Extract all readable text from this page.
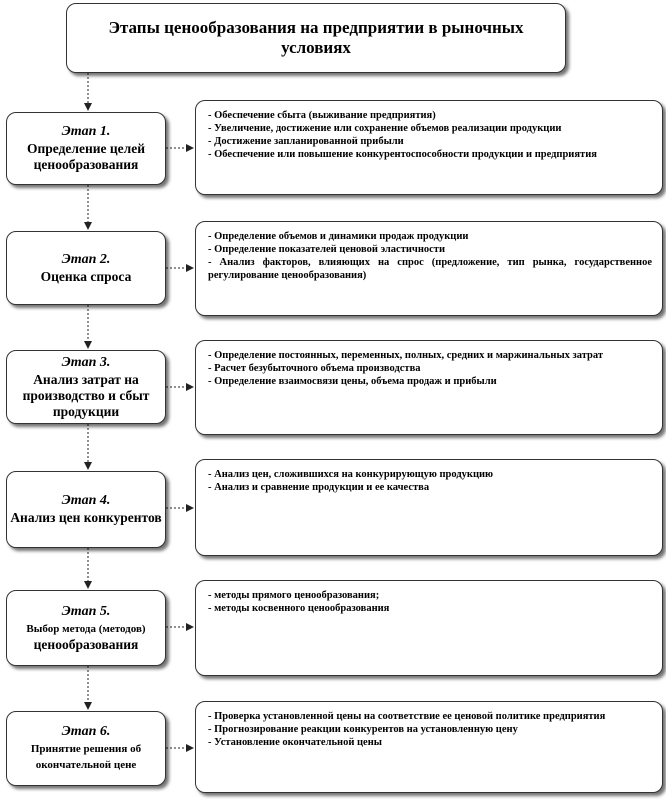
Этапы ценообразования на предприятии в рыночных условиях
Этап 1.
Определение целей ценообразования
- Обеспечение сбыта (выживание предприятия)
- Увеличение, достижение или сохранение объемов реализации продукции
- Достижение запланированной прибыли
- Обеспечение или повышение конкурентоспособности продукции и предприятия
Этап 2.
Оценка спроса
- Определение объемов и динамики продаж продукции
- Определение показателей ценовой эластичности
- Анализ факторов, влияющих на спрос (предложение, тип рынка, государственное регулирование ценообразования)
Этап 3.
Анализ затрат на производство и сбыт продукции
- Определение постоянных, переменных, полных, средних и маржинальных затрат
- Расчет безубыточного объема производства
- Определение взаимосвязи цены, объема продаж и прибыли
Этап 4.
Анализ цен конкурентов
- Анализ цен, сложившихся на конкурирующую продукцию
- Анализ и сравнение продукции и ее качества
Этап 5.
Выбор метода (методов)
ценообразования
- методы прямого ценообразования;
- методы косвенного ценообразования
Этап 6.
Принятие решения об окончательной цене
- Проверка установленной цены на соответствие ее ценовой политике предприятия
- Прогнозирование реакции конкурентов на установленную цену
- Установление окончательной цены
